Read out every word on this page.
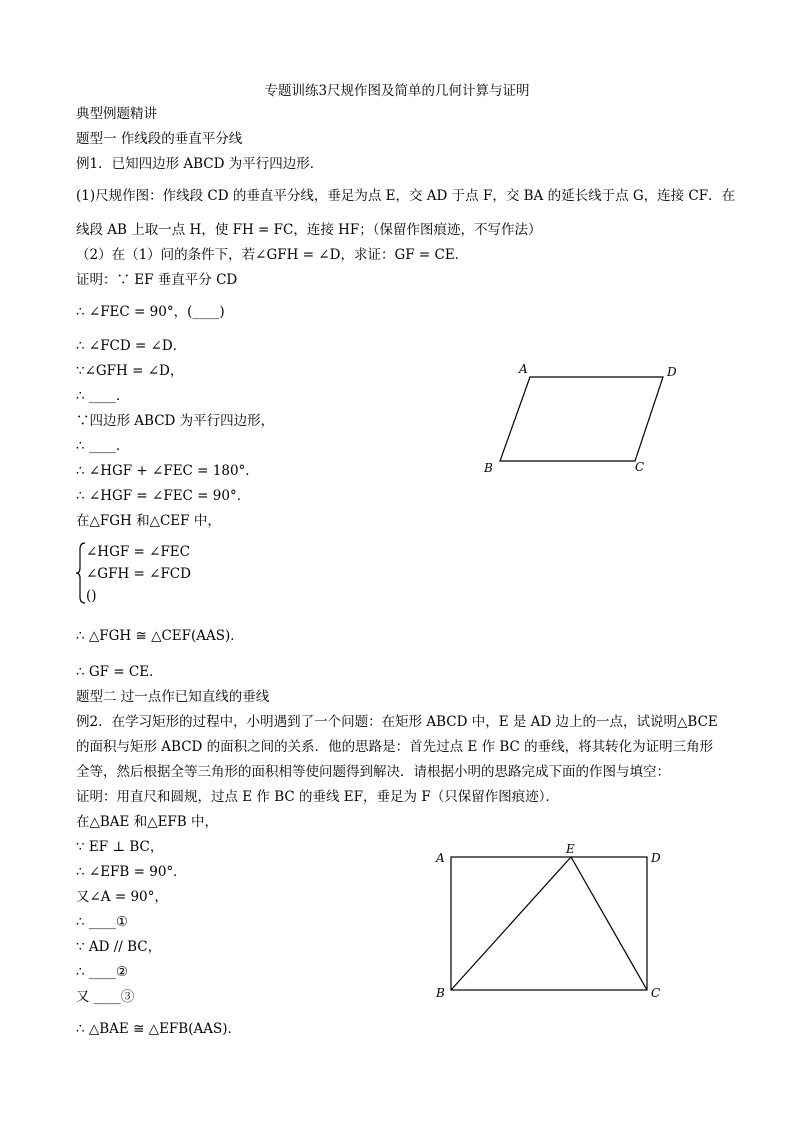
专题训练3尺规作图及简单的几何计算与证明
典型例题精讲
题型一 作线段的垂直平分线
例1．已知四边形 ABCD 为平行四边形．
(1)尺规作图：作线段 CD 的垂直平分线，垂足为点 E，交 AD 于点 F，交 BA 的延长线于点 G，连接 CF．在
线段 AB 上取一点 H，使 FH = FC，连接 HF；（保留作图痕迹，不写作法）
（2）在（1）问的条件下，若∠GFH = ∠D，求证：GF = CE．
证明：∵ EF 垂直平分 CD
∴ ∠FEC = 90°，(____)
∴ ∠FCD = ∠D．
∵∠GFH = ∠D，
∴ ____．
∵四边形 ABCD 为平行四边形，
∴ ____．
∴ ∠HGF + ∠FEC = 180°．
∴ ∠HGF = ∠FEC = 90°．
在△FGH 和△CEF 中，
∠HGF = ∠FEC
∠GFH = ∠FCD
()
∴ △FGH ≅ △CEF(AAS)．
∴ GF = CE．
题型二 过一点作已知直线的垂线
例2．在学习矩形的过程中，小明遇到了一个问题：在矩形 ABCD 中，E 是 AD 边上的一点，试说明△BCE
的面积与矩形 ABCD 的面积之间的关系．他的思路是：首先过点 E 作 BC 的垂线，将其转化为证明三角形
全等，然后根据全等三角形的面积相等使问题得到解决．请根据小明的思路完成下面的作图与填空：
证明：用直尺和圆规，过点 E 作 BC 的垂线 EF，垂足为 F（只保留作图痕迹）．
在△BAE 和△EFB 中，
∵ EF ⊥ BC，
∴ ∠EFB = 90°．
又∠A = 90°，
∴ ____①
∵ AD // BC，
∴ ____②
又 ____③
∴ △BAE ≅ △EFB(AAS)．
A	D
B	C
A
E
D
B	C
